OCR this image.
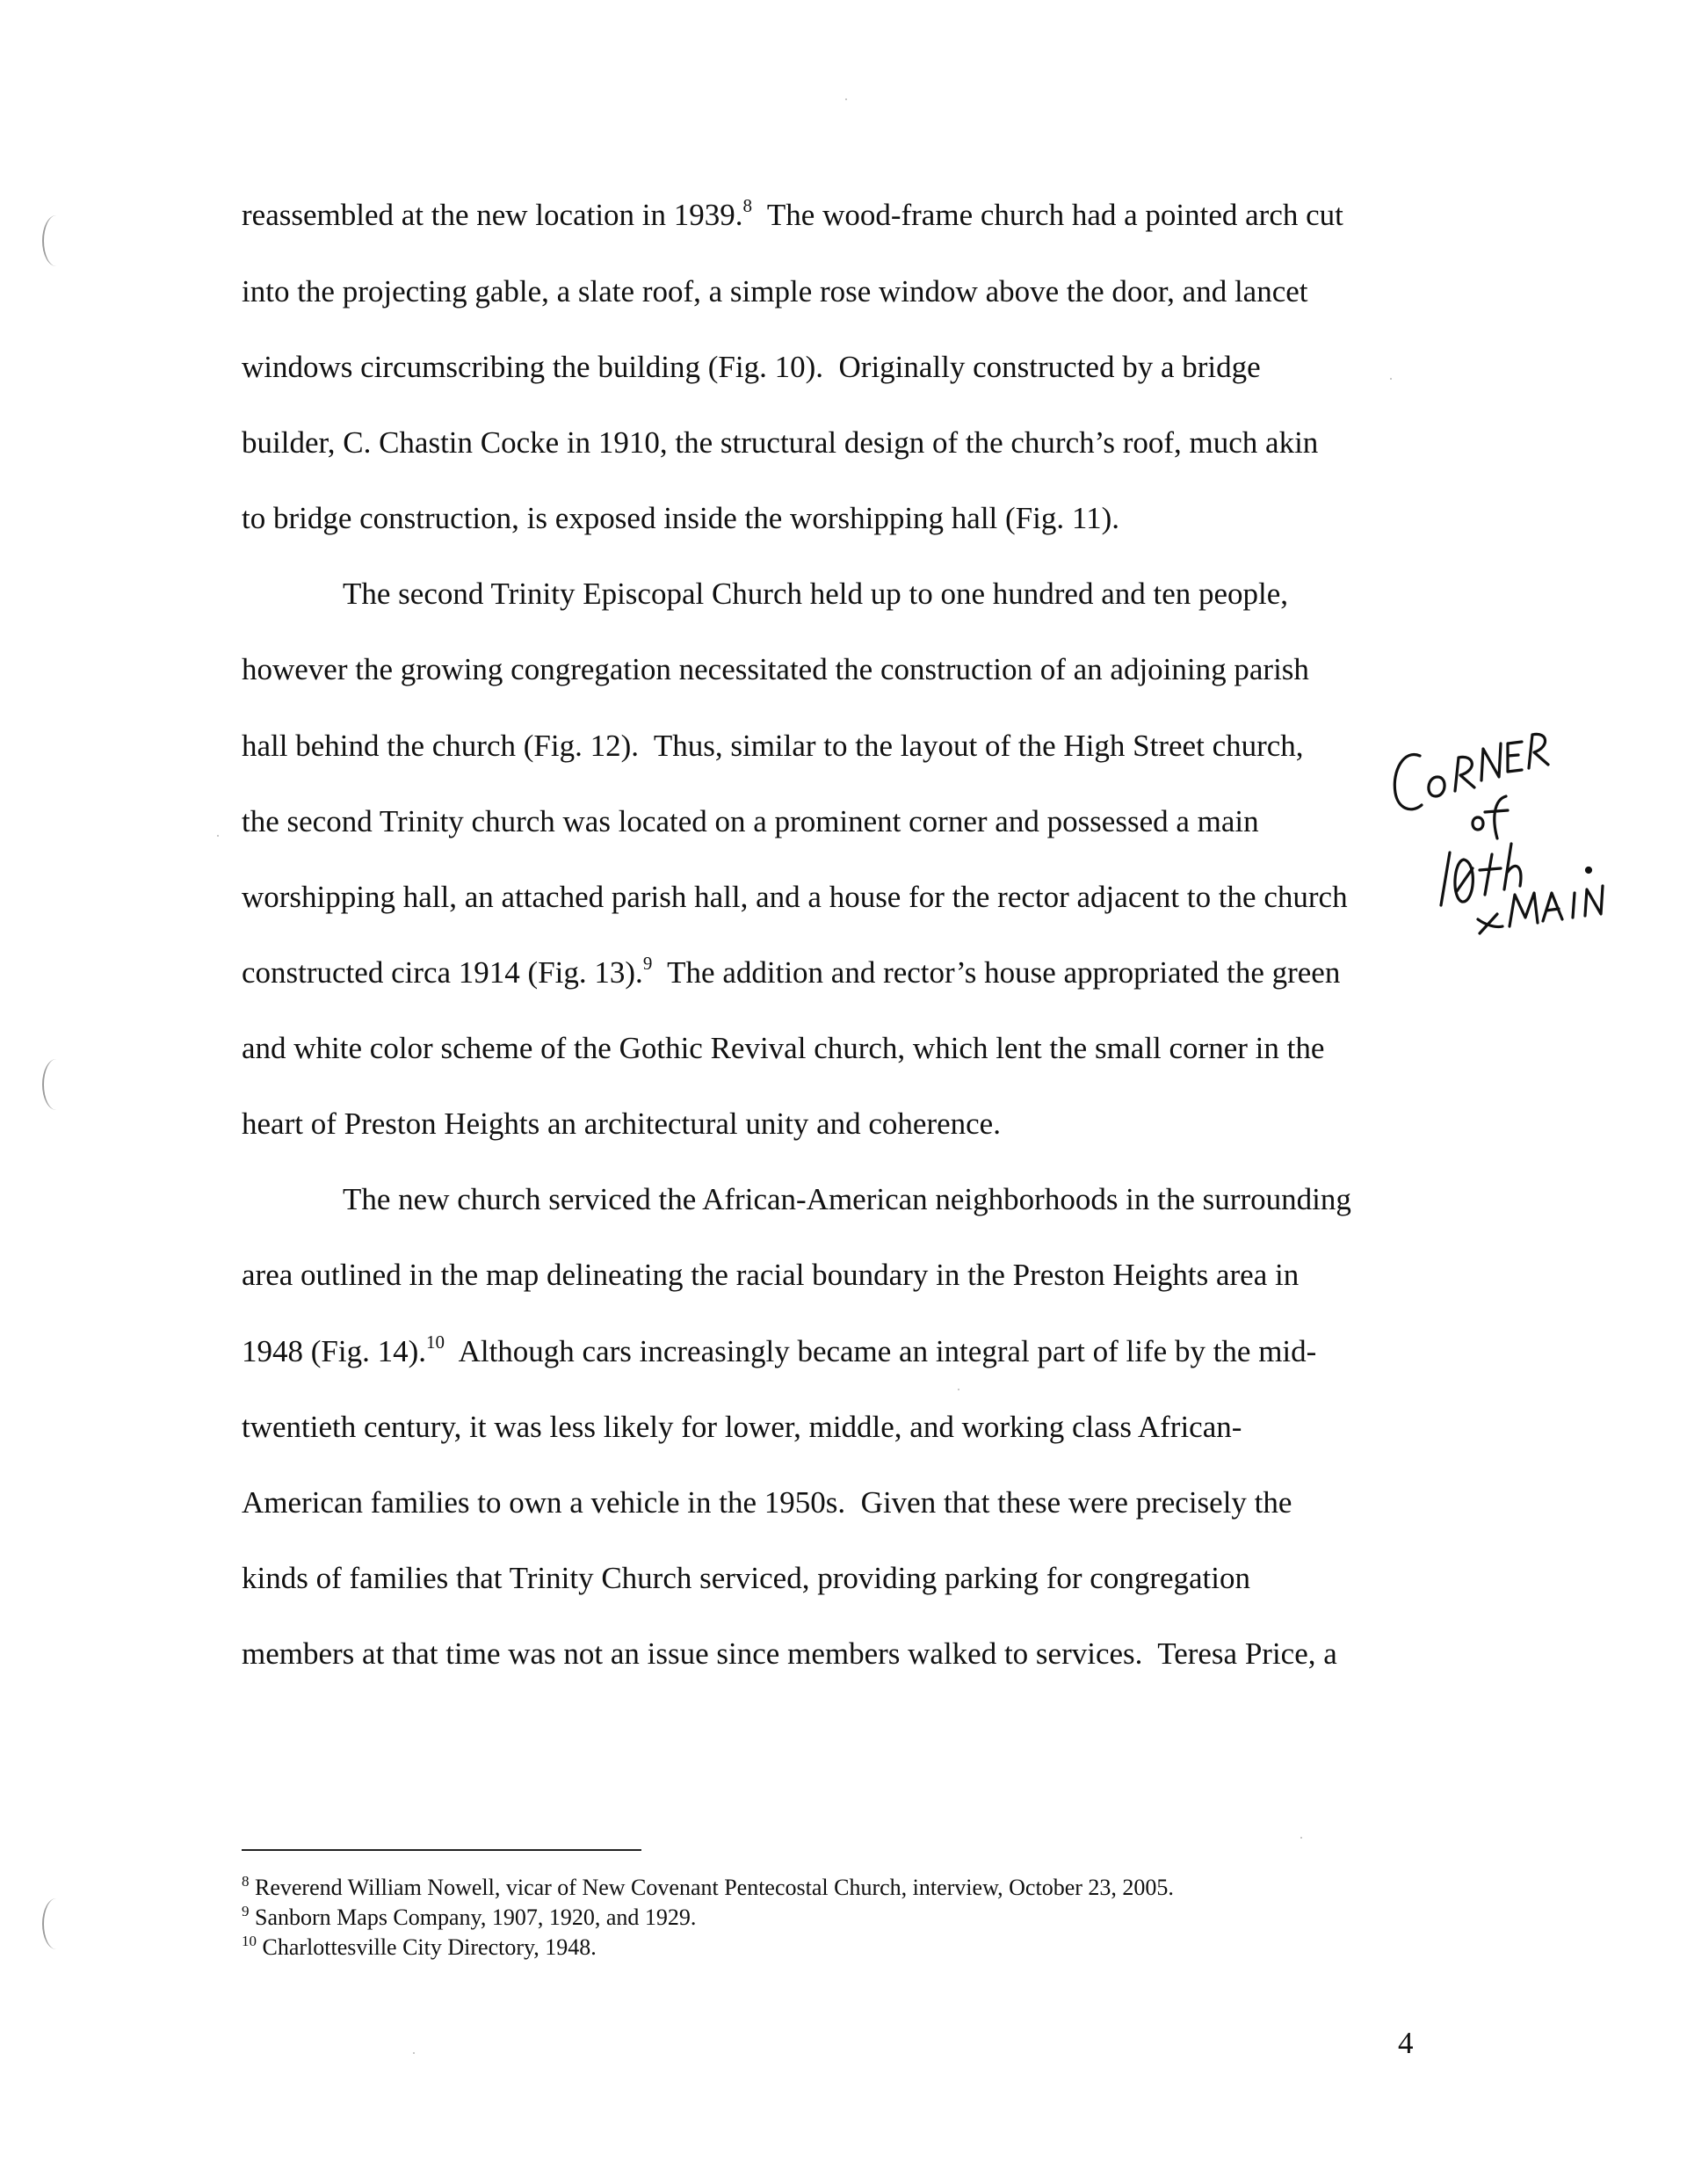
reassembled at the new location in 1939.$^8$  The wood-frame church had a pointed arch cut
into the projecting gable, a slate roof, a simple rose window above the door, and lancet
windows circumscribing the building (Fig. 10).  Originally constructed by a bridge
builder, C. Chastin Cocke in 1910, the structural design of the church’s roof, much akin
to bridge construction, is exposed inside the worshipping hall (Fig. 11).
The second Trinity Episcopal Church held up to one hundred and ten people,
however the growing congregation necessitated the construction of an adjoining parish
hall behind the church (Fig. 12).  Thus, similar to the layout of the High Street church,
the second Trinity church was located on a prominent corner and possessed a main
worshipping hall, an attached parish hall, and a house for the rector adjacent to the church
constructed circa 1914 (Fig. 13).$^9$  The addition and rector’s house appropriated the green
and white color scheme of the Gothic Revival church, which lent the small corner in the
heart of Preston Heights an architectural unity and coherence.
The new church serviced the African-American neighborhoods in the surrounding
area outlined in the map delineating the racial boundary in the Preston Heights area in
1948 (Fig. 14).$^{10}$  Although cars increasingly became an integral part of life by the mid-
twentieth century, it was less likely for lower, middle, and working class African-
American families to own a vehicle in the 1950s.  Given that these were precisely the
kinds of families that Trinity Church serviced, providing parking for congregation
members at that time was not an issue since members walked to services.  Teresa Price, a
$^8$ Reverend William Nowell, vicar of New Covenant Pentecostal Church, interview, October 23, 2005.
$^9$ Sanborn Maps Company, 1907, 1920, and 1929.
$^{10}$ Charlottesville City Directory, 1948.
4
